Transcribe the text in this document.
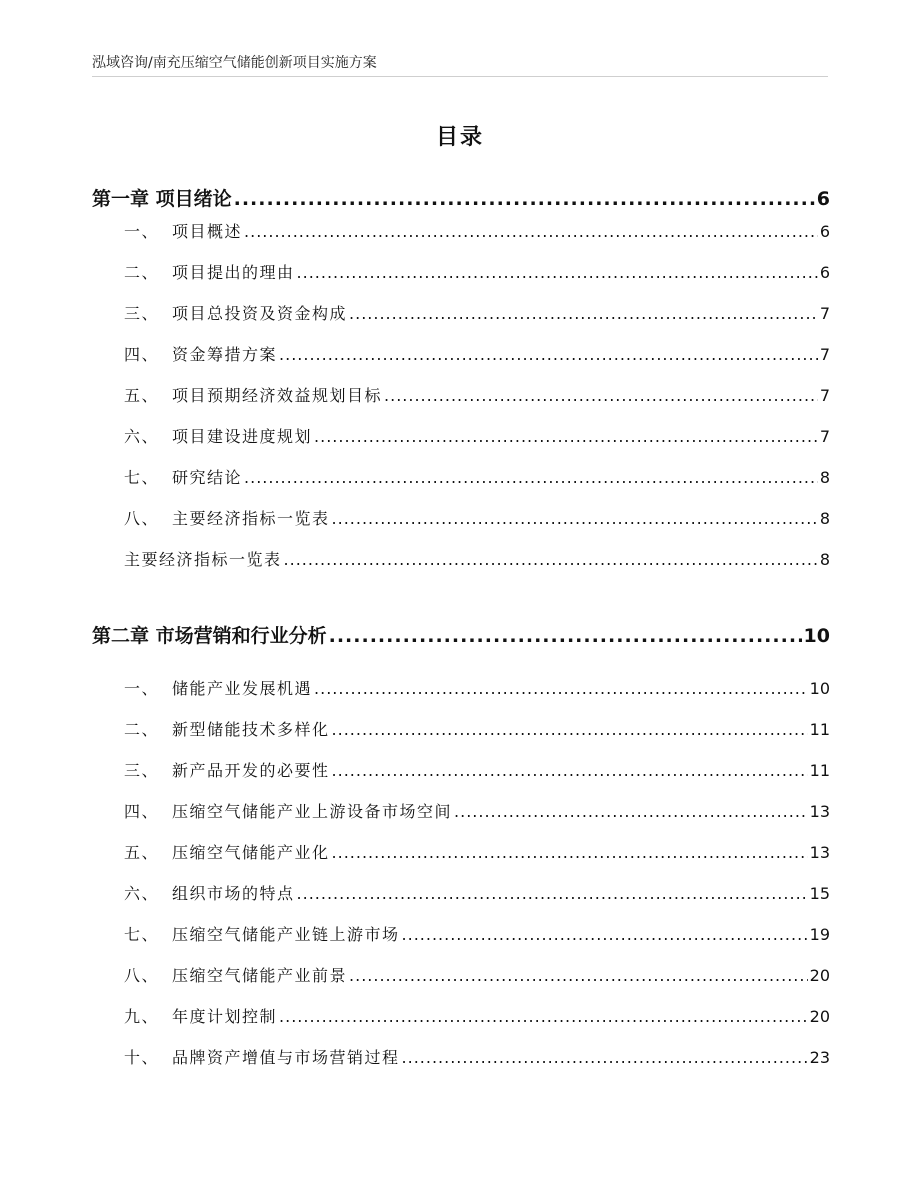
泓域咨询/南充压缩空气储能创新项目实施方案
目录
第一章 项目绪论 .....	6
一、 项目概述 .....	6
二、 项目提出的理由 .....	6
三、 项目总投资及资金构成 .....	7
四、 资金筹措方案 .....	7
五、 项目预期经济效益规划目标 .....	7
六、 项目建设进度规划 .....	7
七、 研究结论 .....	8
八、 主要经济指标一览表 .....	8
主要经济指标一览表 .....	8
第二章 市场营销和行业分析 .....	10
一、 储能产业发展机遇 .....	10
二、 新型储能技术多样化 .....	11
三、 新产品开发的必要性 .....	11
四、 压缩空气储能产业上游设备市场空间 .....	13
五、 压缩空气储能产业化 .....	13
六、 组织市场的特点 .....	15
七、 压缩空气储能产业链上游市场 .....	19
八、 压缩空气储能产业前景 .....	20
九、 年度计划控制 .....	20
十、 品牌资产增值与市场营销过程 .....	23
